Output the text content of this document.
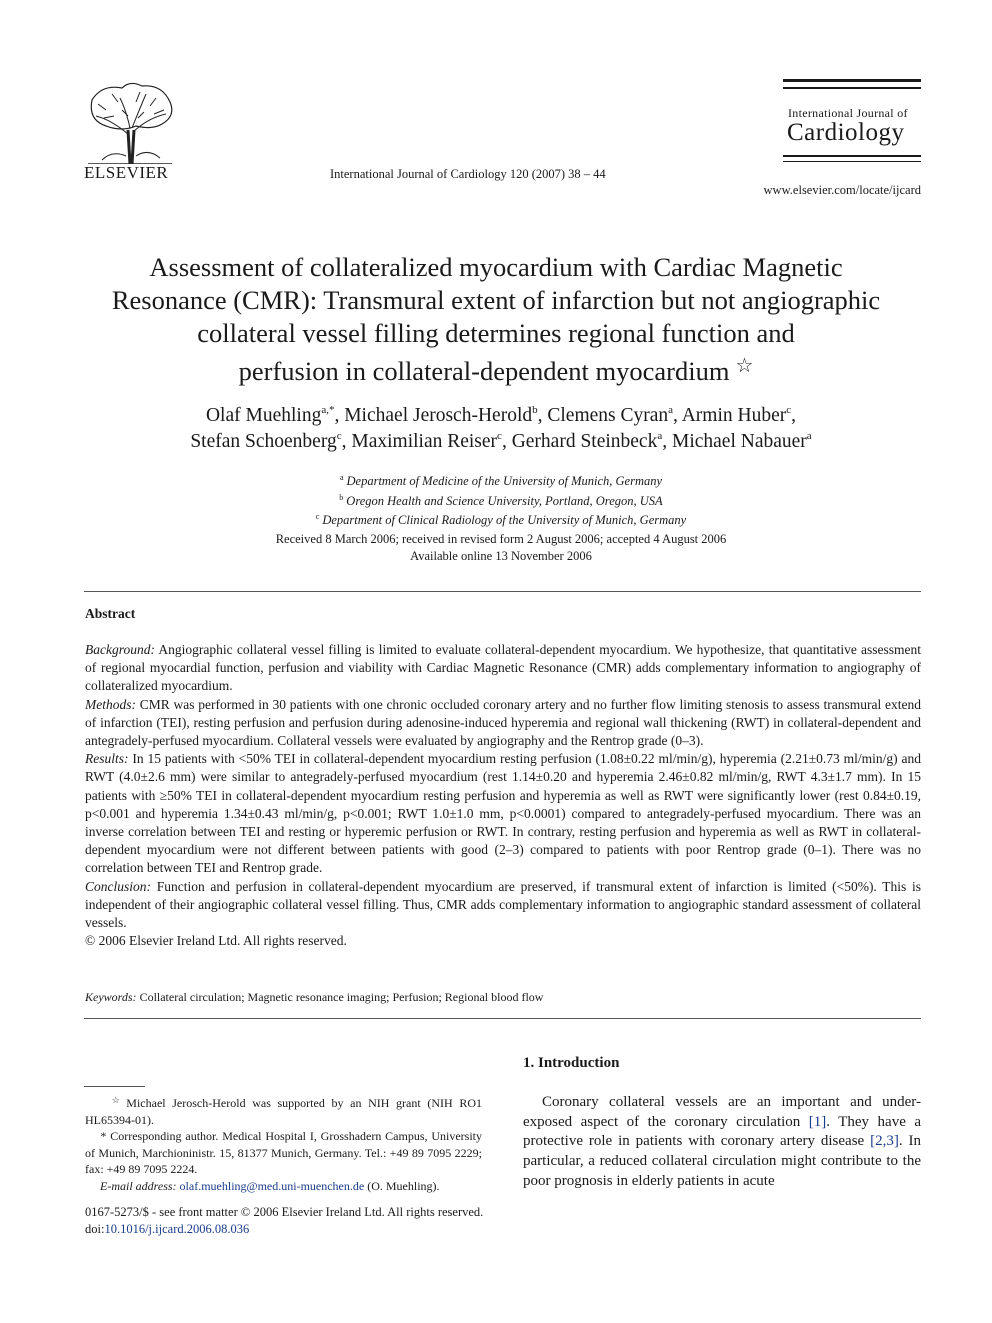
ELSEVIER	International Journal of Cardiology 120 (2007) 38 – 44
International Journal of
Cardiology
www.elsevier.com/locate/ijcard
Assessment of collateralized myocardium with Cardiac Magnetic
Resonance (CMR): Transmural extent of infarction but not angiographic
collateral vessel filling determines regional function and
perfusion in collateral-dependent myocardium ☆
Olaf Muehling$^{a,*}$, Michael Jerosch-Herold$^b$, Clemens Cyran$^a$, Armin Huber$^c$,
Stefan Schoenberg$^c$, Maximilian Reiser$^c$, Gerhard Steinbeck$^a$, Michael Nabauer$^a$
$^a$ Department of Medicine of the University of Munich, Germany
$^b$ Oregon Health and Science University, Portland, Oregon, USA
$^c$ Department of Clinical Radiology of the University of Munich, Germany
Received 8 March 2006; received in revised form 2 August 2006; accepted 4 August 2006
Available online 13 November 2006
Abstract

Background: Angiographic collateral vessel filling is limited to evaluate collateral-dependent myocardium. We hypothesize, that quantitative assessment of regional myocardial function, perfusion and viability with Cardiac Magnetic Resonance (CMR) adds complementary information to angiography of collateralized myocardium.

Methods: CMR was performed in 30 patients with one chronic occluded coronary artery and no further flow limiting stenosis to assess transmural extend of infarction (TEI), resting perfusion and perfusion during adenosine-induced hyperemia and regional wall thickening (RWT) in collateral-dependent and antegradely-perfused myocardium. Collateral vessels were evaluated by angiography and the Rentrop grade (0–3).

Results: In 15 patients with <50% TEI in collateral-dependent myocardium resting perfusion (1.08±0.22 ml/min/g), hyperemia (2.21±0.73 ml/min/g) and RWT (4.0±2.6 mm) were similar to antegradely-perfused myocardium (rest 1.14±0.20 and hyperemia 2.46±0.82 ml/min/g, RWT 4.3±1.7 mm). In 15 patients with ≥50% TEI in collateral-dependent myocardium resting perfusion and hyperemia as well as RWT were significantly lower (rest 0.84±0.19, p<0.001 and hyperemia 1.34±0.43 ml/min/g, p<0.001; RWT 1.0±1.0 mm, p<0.0001) compared to antegradely-perfused myocardium. There was an inverse correlation between TEI and resting or hyperemic perfusion or RWT. In contrary, resting perfusion and hyperemia as well as RWT in collateral-dependent myocardium were not different between patients with good (2–3) compared to patients with poor Rentrop grade (0–1). There was no correlation between TEI and Rentrop grade.

Conclusion: Function and perfusion in collateral-dependent myocardium are preserved, if transmural extent of infarction is limited (<50%). This is independent of their angiographic collateral vessel filling. Thus, CMR adds complementary information to angiographic standard assessment of collateral vessels.

© 2006 Elsevier Ireland Ltd. All rights reserved.

Keywords: Collateral circulation; Magnetic resonance imaging; Perfusion; Regional blood flow

☆ Michael Jerosch-Herold was supported by an NIH grant (NIH RO1 HL65394-01).

* Corresponding author. Medical Hospital I, Grosshadern Campus, University of Munich, Marchioninistr. 15, 81377 Munich, Germany. Tel.: +49 89 7095 2229; fax: +49 89 7095 2224.

E-mail address: olaf.muehling@med.uni-muenchen.de (O. Muehling).

0167-5273/$ - see front matter © 2006 Elsevier Ireland Ltd. All rights reserved.
doi:10.1016/j.ijcard.2006.08.036
1. Introduction
Coronary collateral vessels are an important and under-exposed aspect of the coronary circulation [1]. They have a protective role in patients with coronary artery disease [2,3]. In particular, a reduced collateral circulation might contribute to the poor prognosis in elderly patients in acute
